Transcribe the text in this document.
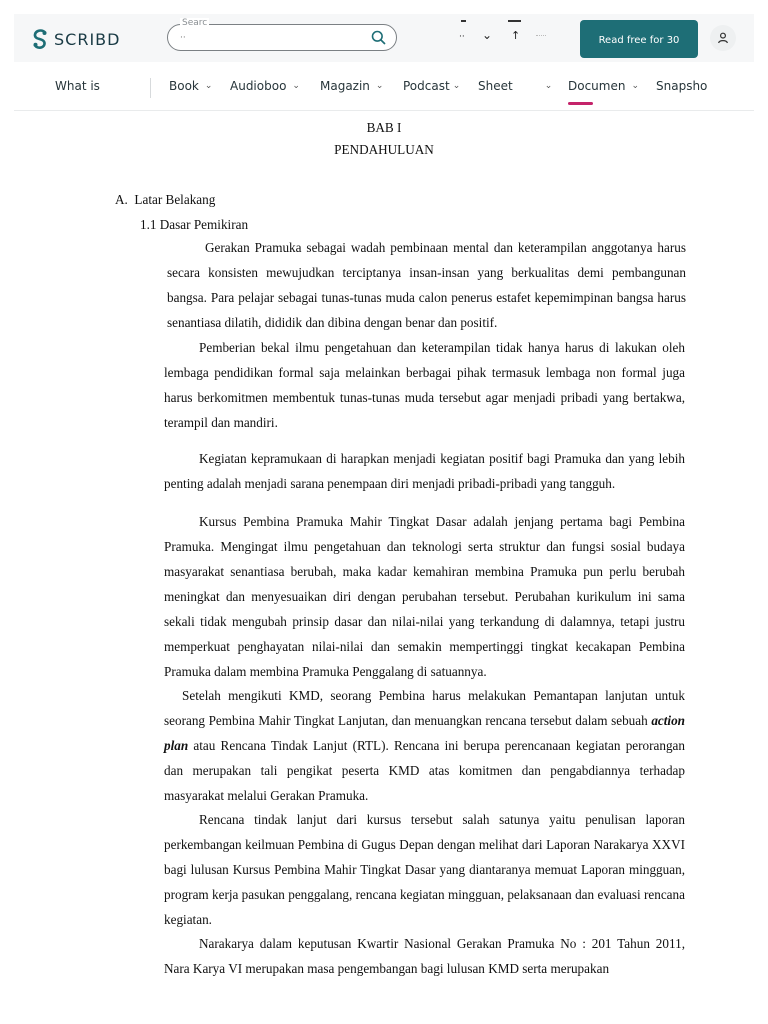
SCRIBD
Searc
··
·· ⌄ ↑	Read free for 30
What is	Book ⌄ Audioboo ⌄ Magazin ⌄ Podcast ⌄ Sheet	⌄ Documen ⌄ Snapsho
BAB I
PENDAHULUAN
A.  Latar Belakang
1.1 Dasar Pemikiran
Gerakan Pramuka sebagai wadah pembinaan mental dan keterampilan anggotanya harus secara konsisten mewujudkan terciptanya insan-insan yang berkualitas demi pembangunan bangsa. Para pelajar sebagai tunas-tunas muda calon penerus estafet kepemimpinan bangsa harus senantiasa dilatih, dididik dan dibina dengan benar dan positif.
Pemberian bekal ilmu pengetahuan dan keterampilan tidak hanya harus di lakukan oleh lembaga pendidikan formal saja melainkan berbagai pihak termasuk lembaga non formal juga harus berkomitmen membentuk tunas-tunas muda tersebut agar menjadi pribadi yang bertakwa, terampil dan mandiri.
Kegiatan kepramukaan di harapkan menjadi kegiatan positif bagi Pramuka dan yang lebih penting adalah menjadi sarana penempaan diri menjadi pribadi-pribadi yang tangguh.
Kursus Pembina Pramuka Mahir Tingkat Dasar adalah jenjang pertama bagi Pembina Pramuka. Mengingat ilmu pengetahuan dan teknologi serta struktur dan fungsi sosial budaya masyarakat senantiasa berubah, maka kadar kemahiran membina Pramuka pun perlu berubah meningkat dan menyesuaikan diri dengan perubahan tersebut. Perubahan kurikulum ini sama sekali tidak mengubah prinsip dasar dan nilai-nilai yang terkandung di dalamnya, tetapi justru memperkuat penghayatan nilai-nilai dan semakin mempertinggi tingkat kecakapan Pembina Pramuka dalam membina Pramuka Penggalang di satuannya.
Setelah mengikuti KMD, seorang Pembina harus melakukan Pemantapan lanjutan untuk seorang Pembina Mahir Tingkat Lanjutan, dan menuangkan rencana tersebut dalam sebuah action plan atau Rencana Tindak Lanjut (RTL). Rencana ini berupa perencanaan kegiatan perorangan dan merupakan tali pengikat peserta KMD atas komitmen dan pengabdiannya terhadap masyarakat melalui Gerakan Pramuka.
Rencana tindak lanjut dari kursus tersebut salah satunya yaitu penulisan laporan perkembangan keilmuan Pembina di Gugus Depan dengan melihat dari Laporan Narakarya XXVI bagi lulusan Kursus Pembina Mahir Tingkat Dasar yang diantaranya memuat Laporan mingguan, program kerja pasukan penggalang, rencana kegiatan mingguan, pelaksanaan dan evaluasi rencana kegiatan.
Narakarya dalam keputusan Kwartir Nasional Gerakan Pramuka No : 201 Tahun 2011, Nara Karya VI merupakan masa pengembangan bagi lulusan KMD serta merupakan
